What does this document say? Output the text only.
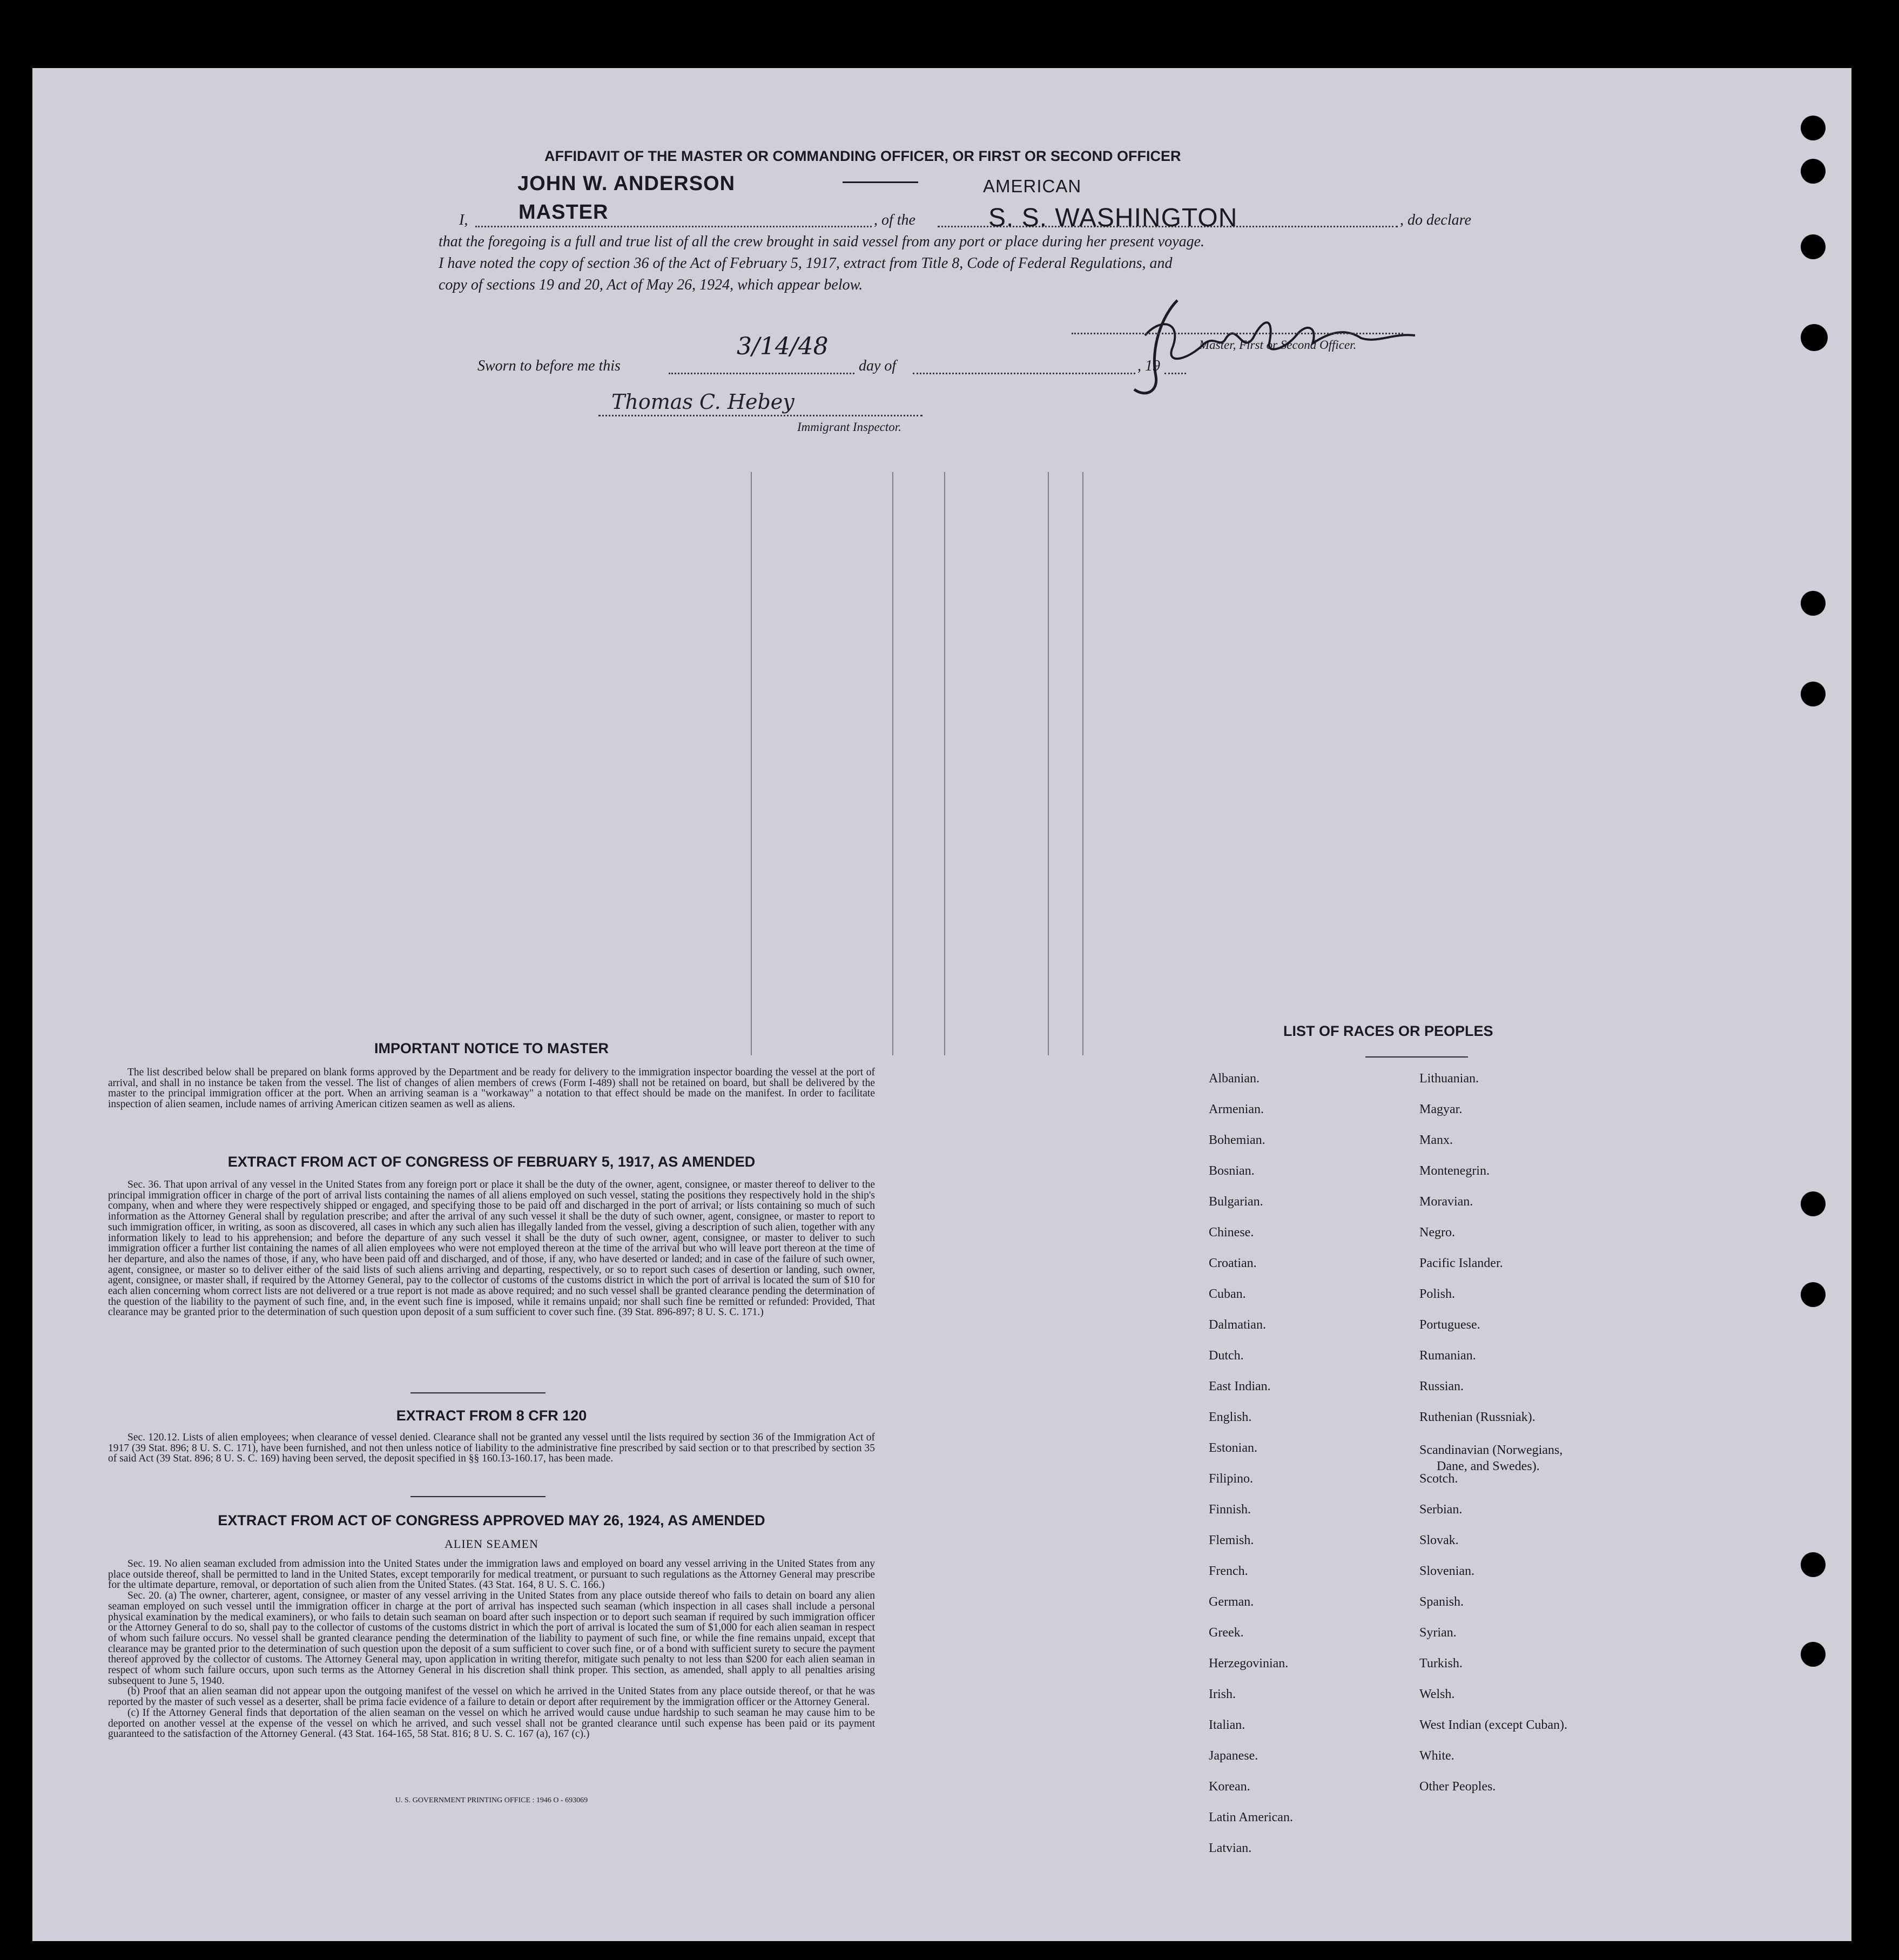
AFFIDAVIT OF THE MASTER OR COMMANDING OFFICER, OR FIRST OR SECOND OFFICER
JOHN W. ANDERSON
MASTER
AMERICAN
I,	, of the	S. S. WASHINGTON	, do declare
that the foregoing is a full and true list of all the crew brought in said vessel from any port or place during her present voyage.
I have noted the copy of section 36 of the Act of February 5, 1917, extract from Title 8, Code of Federal Regulations, and
copy of sections 19 and 20, Act of May 26, 1924, which appear below.
Master, First or Second Officer.
Sworn to before me this
3/14/48
day of	, 19
Thomas C. Hebey
Immigrant Inspector.
IMPORTANT NOTICE TO MASTER

The list described below shall be prepared on blank forms approved by the Department and be ready for delivery to the immigration inspector boarding the vessel at the port of arrival, and shall in no instance be taken from the vessel. The list of changes of alien members of crews (Form I-489) shall not be retained on board, but shall be delivered by the master to the principal immigration officer at the port. When an arriving seaman is a "workaway" a notation to that effect should be made on the manifest. In order to facilitate inspection of alien seamen, include names of arriving American citizen seamen as well as aliens.

EXTRACT FROM ACT OF CONGRESS OF FEBRUARY 5, 1917, AS AMENDED

Sec. 36. That upon arrival of any vessel in the United States from any foreign port or place it shall be the duty of the owner, agent, consignee, or master thereof to deliver to the principal immigration officer in charge of the port of arrival lists containing the names of all aliens employed on such vessel, stating the positions they respectively hold in the ship's company, when and where they were respectively shipped or engaged, and specifying those to be paid off and discharged in the port of arrival; or lists containing so much of such information as the Attorney General shall by regulation prescribe; and after the arrival of any such vessel it shall be the duty of such owner, agent, consignee, or master to report to such immigration officer, in writing, as soon as discovered, all cases in which any such alien has illegally landed from the vessel, giving a description of such alien, together with any information likely to lead to his apprehension; and before the departure of any such vessel it shall be the duty of such owner, agent, consignee, or master to deliver to such immigration officer a further list containing the names of all alien employees who were not employed thereon at the time of the arrival but who will leave port thereon at the time of her departure, and also the names of those, if any, who have been paid off and discharged, and of those, if any, who have deserted or landed; and in case of the failure of such owner, agent, consignee, or master so to deliver either of the said lists of such aliens arriving and departing, respectively, or so to report such cases of desertion or landing, such owner, agent, consignee, or master shall, if required by the Attorney General, pay to the collector of customs of the customs district in which the port of arrival is located the sum of $10 for each alien concerning whom correct lists are not delivered or a true report is not made as above required; and no such vessel shall be granted clearance pending the determination of the question of the liability to the payment of such fine, and, in the event such fine is imposed, while it remains unpaid; nor shall such fine be remitted or refunded: Provided, That clearance may be granted prior to the determination of such question upon deposit of a sum sufficient to cover such fine. (39 Stat. 896-897; 8 U. S. C. 171.)

EXTRACT FROM 8 CFR 120

Sec. 120.12. Lists of alien employees; when clearance of vessel denied. Clearance shall not be granted any vessel until the lists required by section 36 of the Immigration Act of 1917 (39 Stat. 896; 8 U. S. C. 171), have been furnished, and not then unless notice of liability to the administrative fine prescribed by said section or to that prescribed by section 35 of said Act (39 Stat. 896; 8 U. S. C. 169) having been served, the deposit specified in §§ 160.13-160.17, has been made.

EXTRACT FROM ACT OF CONGRESS APPROVED MAY 26, 1924, AS AMENDED
ALIEN SEAMEN

Sec. 19. No alien seaman excluded from admission into the United States under the immigration laws and employed on board any vessel arriving in the United States from any place outside thereof, shall be permitted to land in the United States, except temporarily for medical treatment, or pursuant to such regulations as the Attorney General may prescribe for the ultimate departure, removal, or deportation of such alien from the United States. (43 Stat. 164, 8 U. S. C. 166.)

Sec. 20. (a) The owner, charterer, agent, consignee, or master of any vessel arriving in the United States from any place outside thereof who fails to detain on board any alien seaman employed on such vessel until the immigration officer in charge at the port of arrival has inspected such seaman (which inspection in all cases shall include a personal physical examination by the medical examiners), or who fails to detain such seaman on board after such inspection or to deport such seaman if required by such immigration officer or the Attorney General to do so, shall pay to the collector of customs of the customs district in which the port of arrival is located the sum of $1,000 for each alien seaman in respect of whom such failure occurs. No vessel shall be granted clearance pending the determination of the liability to payment of such fine, or while the fine remains unpaid, except that clearance may be granted prior to the determination of such question upon the deposit of a sum sufficient to cover such fine, or of a bond with sufficient surety to secure the payment thereof approved by the collector of customs. The Attorney General may, upon application in writing therefor, mitigate such penalty to not less than $200 for each alien seaman in respect of whom such failure occurs, upon such terms as the Attorney General in his discretion shall think proper. This section, as amended, shall apply to all penalties arising subsequent to June 5, 1940.

(b) Proof that an alien seaman did not appear upon the outgoing manifest of the vessel on which he arrived in the United States from any place outside thereof, or that he was reported by the master of such vessel as a deserter, shall be prima facie evidence of a failure to detain or deport after requirement by the immigration officer or the Attorney General.

(c) If the Attorney General finds that deportation of the alien seaman on the vessel on which he arrived would cause undue hardship to such seaman he may cause him to be deported on another vessel at the expense of the vessel on which he arrived, and such vessel shall not be granted clearance until such expense has been paid or its payment guaranteed to the satisfaction of the Attorney General. (43 Stat. 164-165, 58 Stat. 816; 8 U. S. C. 167 (a), 167 (c).)

U. S. GOVERNMENT PRINTING OFFICE : 1946 O - 693069
LIST OF RACES OR PEOPLES
Albanian.
Armenian.
Bohemian.
Bosnian.
Bulgarian.
Chinese.
Croatian.
Cuban.
Dalmatian.
Dutch.
East Indian.
English.
Estonian.
Filipino.
Finnish.
Flemish.
French.
German.
Greek.
Herzegovinian.
Irish.
Italian.
Japanese.
Korean.
Latin American.
Latvian.
Lithuanian.
Magyar.
Manx.
Montenegrin.
Moravian.
Negro.
Pacific Islander.
Polish.
Portuguese.
Rumanian.
Russian.
Ruthenian (Russniak).
Scandinavian (Norwegians,
Dane, and Swedes).
Scotch.
Serbian.
Slovak.
Slovenian.
Spanish.
Syrian.
Turkish.
Welsh.
West Indian (except Cuban).
White.
Other Peoples.
